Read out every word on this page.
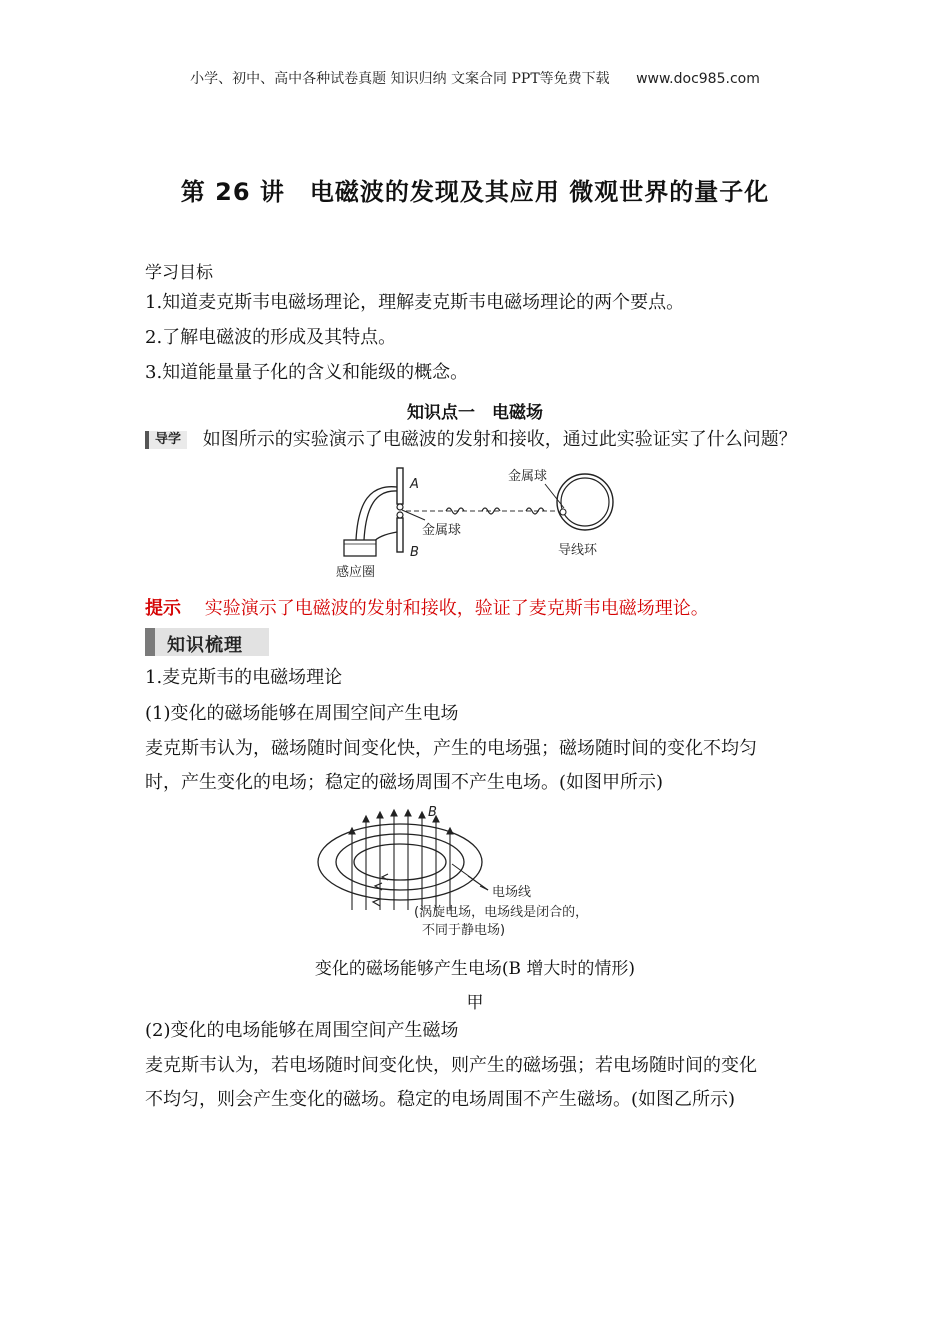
小学、初中、高中各种试卷真题 知识归纳 文案合同 PPT等免费下载 www.doc985.com
第 26 讲　电磁波的发现及其应用 微观世界的量子化
学习目标
1.知道麦克斯韦电磁场理论，理解麦克斯韦电磁场理论的两个要点。
2.了解电磁波的形成及其特点。
3.知道能量量子化的含义和能级的概念。
知识点一　电磁场
导学 如图所示的实验演示了电磁波的发射和接收，通过此实验证实了什么问题？
A
B
金属球
金属球
感应圈
导线环
提示 实验演示了电磁波的发射和接收，验证了麦克斯韦电磁场理论。
知识梳理
1.麦克斯韦的电磁场理论
(1)变化的磁场能够在周围空间产生电场
麦克斯韦认为，磁场随时间变化快，产生的电场强；磁场随时间的变化不均匀
时，产生变化的电场；稳定的磁场周围不产生电场。(如图甲所示)
B
电场线
(涡旋电场，电场线是闭合的，
不同于静电场)
变化的磁场能够产生电场(B 增大时的情形)
甲
(2)变化的电场能够在周围空间产生磁场
麦克斯韦认为，若电场随时间变化快，则产生的磁场强；若电场随时间的变化
不均匀，则会产生变化的磁场。稳定的电场周围不产生磁场。(如图乙所示)
